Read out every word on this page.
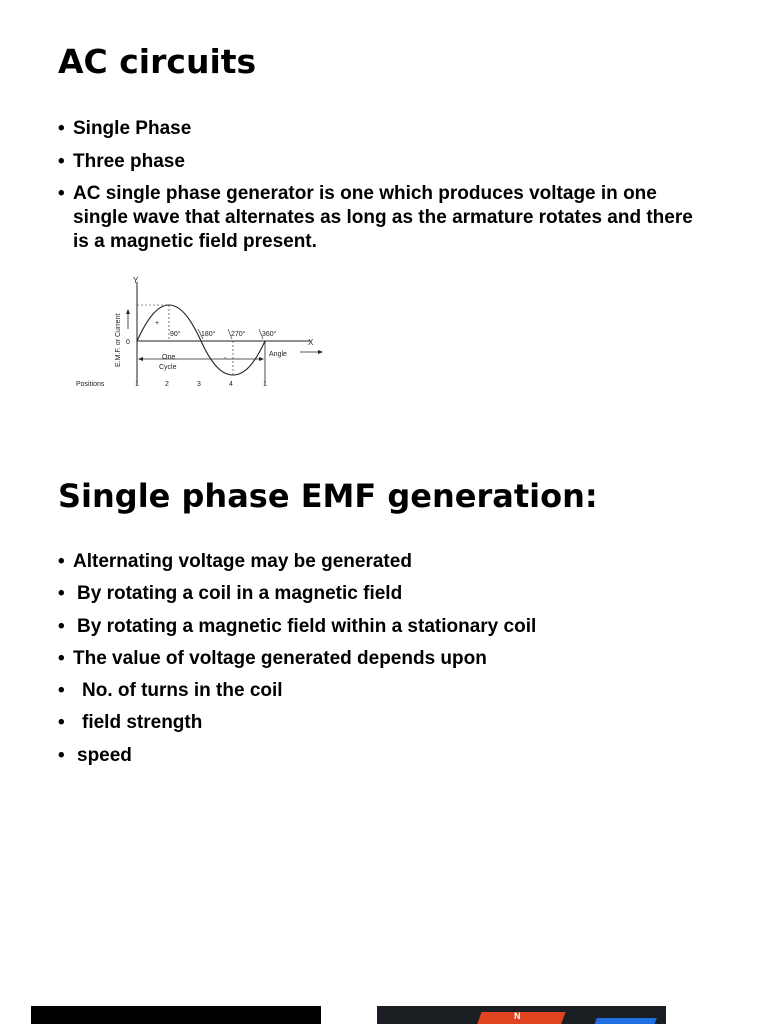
AC circuits
• Single Phase
• Three phase
• AC single phase generator is one which produces voltage in one single wave that alternates as long as the armature rotates and there is a magnetic field present.
Y
E.M.F. or Current 0	X
90°	180° 270° 360°
+
-
Angle
One
Cycle
Positions	1	2	3	4	1
Single phase EMF generation:
• Alternating voltage may be generated
• By rotating a coil in a magnetic field
• By rotating a magnetic field within a stationary coil
• The value of voltage generated depends upon
• No. of turns in the coil
• field strength
• speed
N
